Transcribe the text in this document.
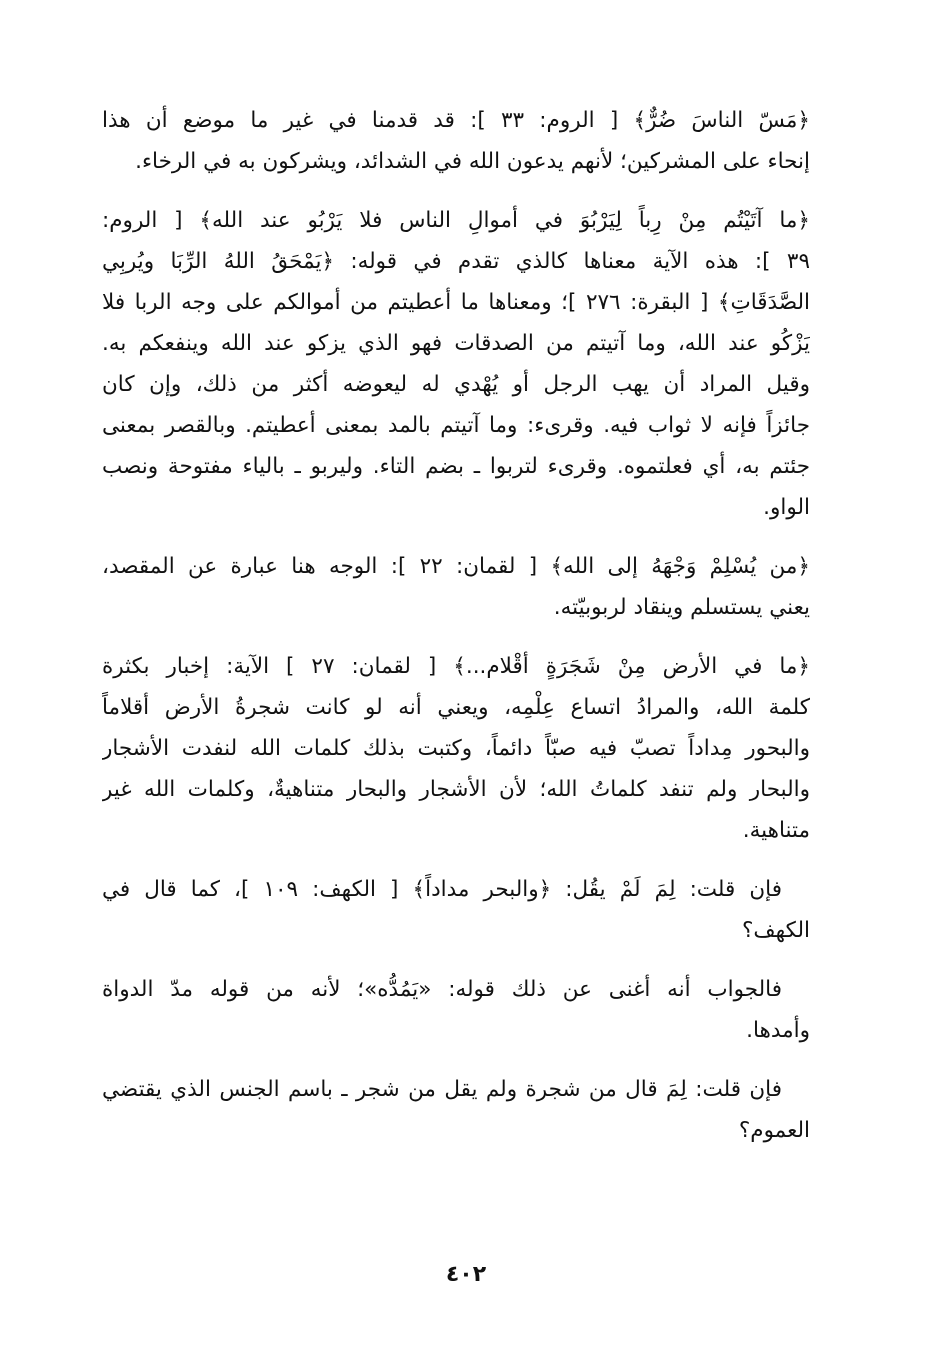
﴿مَسّ الناسَ ضُرٌّ﴾ [ الروم: ٣٣ ]: قد قدمنا في غير ما موضع أن هذا
إنحاء على المشركين؛ لأنهم يدعون الله في الشدائد، ويشركون به في الرخاء.

﴿ما آتَيْتُم مِنْ رِباً لِيَرْبُوَ في أموالِ الناس فلا يَرْبُو عند الله﴾ [ الروم:
٣٩ ]: هذه الآية معناها كالذي تقدم في قوله: ﴿يَمْحَقُ اللهُ الرِّبَا ويُربِي
الصَّدَقَاتِ﴾ [ البقرة: ٢٧٦ ]؛ ومعناها ما أعطيتم من أموالكم على وجه الربا فلا
يَزْكُو عند الله، وما آتيتم من الصدقات فهو الذي يزكو عند الله وينفعكم به.
وقيل المراد أن يهب الرجل أو يُهْدي له ليعوضه أكثر من ذلك، وإن كان
جائزاً فإنه لا ثواب فيه. وقرىء: وما آتيتم بالمد بمعنى أعطيتم. وبالقصر بمعنى
جئتم به، أي فعلتموه. وقرىء لتربوا ـ بضم التاء. وليربو ـ بالياء مفتوحة ونصب
الواو.

﴿من يُسْلِمْ وَجْهَهُ إلى الله﴾ [ لقمان: ٢٢ ]: الوجه هنا عبارة عن المقصد،
يعني يستسلم وينقاد لربوبيّته.

﴿ما في الأرض مِنْ شَجَرَةٍ أقْلام...﴾ [ لقمان: ٢٧ ] الآية: إخبار بكثرة
كلمة الله، والمرادُ اتساع عِلْمِه، ويعني أنه لو كانت شجرةُ الأرض أقلاماً
والبحور مِداداً تصبّ فيه صبّاً دائماً، وكتبت بذلك كلمات الله لنفدت الأشجار
والبحار ولم تنفد كلماتُ الله؛ لأن الأشجار والبحار متناهيةٌ، وكلمات الله غير
متناهية.

فإن قلت: لِمَ لَمْ يقُل: ﴿والبحر مداداً﴾ [ الكهف: ١٠٩ ]، كما قال في
الكهف؟

فالجواب أنه أغنى عن ذلك قوله: «يَمُدُّه»؛ لأنه من قوله مدّ الدواة
وأمدها.

فإن قلت: لِمَ قال من شجرة ولم يقل من شجر ـ باسم الجنس الذي يقتضي
العموم؟

٤٠٢
